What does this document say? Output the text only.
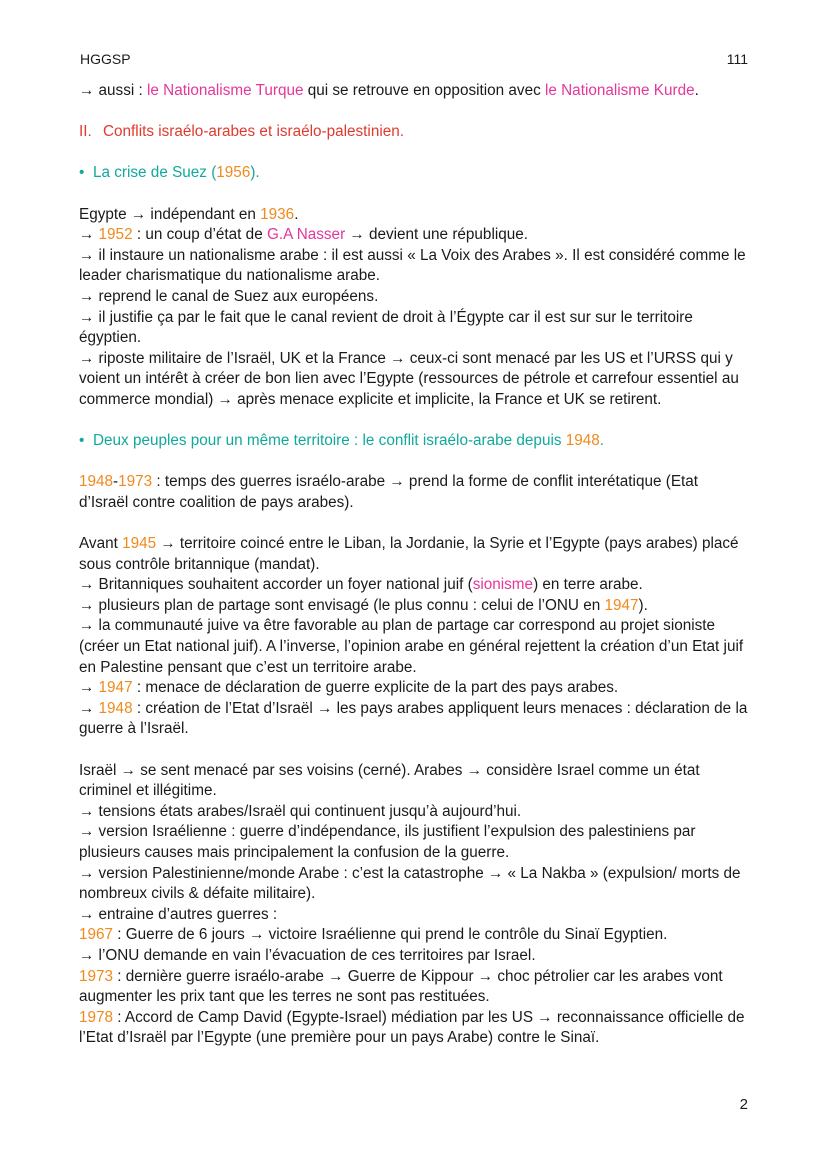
HGGSP	111

→ aussi : le Nationalisme Turque qui se retrouve en opposition avec le Nationalisme Kurde.

II. Conflits israélo-arabes et israélo-palestinien.

• La crise de Suez (1956).

Egypte → indépendant en 1936.

→ 1952 : un coup d’état de G.A Nasser → devient une république.

→ il instaure un nationalisme arabe : il est aussi « La Voix des Arabes ». Il est considéré comme le leader charismatique du nationalisme arabe.

→ reprend le canal de Suez aux européens.

→ il justifie ça par le fait que le canal revient de droit à l’Égypte car il est sur sur le territoire égyptien.

→ riposte militaire de l’Israël, UK et la France → ceux-ci sont menacé par les US et l’URSS qui y voient un intérêt à créer de bon lien avec l’Egypte (ressources de pétrole et carrefour essentiel au commerce mondial) → après menace explicite et implicite, la France et UK se retirent.

• Deux peuples pour un même territoire : le conflit israélo-arabe depuis 1948.

1948-1973 : temps des guerres israélo-arabe → prend la forme de conflit interétatique (Etat d’Israël contre coalition de pays arabes).

Avant 1945 → territoire coincé entre le Liban, la Jordanie, la Syrie et l’Egypte (pays arabes) placé sous contrôle britannique (mandat).

→ Britanniques souhaitent accorder un foyer national juif (sionisme) en terre arabe.

→ plusieurs plan de partage sont envisagé (le plus connu : celui de l’ONU en 1947).

→ la communauté juive va être favorable au plan de partage car correspond au projet sioniste (créer un Etat national juif). A l’inverse, l’opinion arabe en général rejettent la création d’un Etat juif en Palestine pensant que c’est un territoire arabe.

→ 1947 : menace de déclaration de guerre explicite de la part des pays arabes.

→ 1948 : création de l’Etat d’Israël → les pays arabes appliquent leurs menaces : déclaration de la guerre à l’Israël.

Israël → se sent menacé par ses voisins (cerné). Arabes → considère Israel comme un état criminel et illégitime.

→ tensions états arabes/Israël qui continuent jusqu’à aujourd’hui.

→ version Israélienne : guerre d’indépendance, ils justifient l’expulsion des palestiniens par plusieurs causes mais principalement la confusion de la guerre.

→ version Palestinienne/monde Arabe : c’est la catastrophe → « La Nakba » (expulsion/ morts de nombreux civils & défaite militaire).

→ entraine d’autres guerres :

1967 : Guerre de 6 jours → victoire Israélienne qui prend le contrôle du Sinaï Egyptien.

→ l’ONU demande en vain l’évacuation de ces territoires par Israel.

1973 : dernière guerre israélo-arabe → Guerre de Kippour → choc pétrolier car les arabes vont augmenter les prix tant que les terres ne sont pas restituées.

1978 : Accord de Camp David (Egypte-Israel) médiation par les US → reconnaissance officielle de l’Etat d’Israël par l’Egypte (une première pour un pays Arabe) contre le Sinaï.

2
